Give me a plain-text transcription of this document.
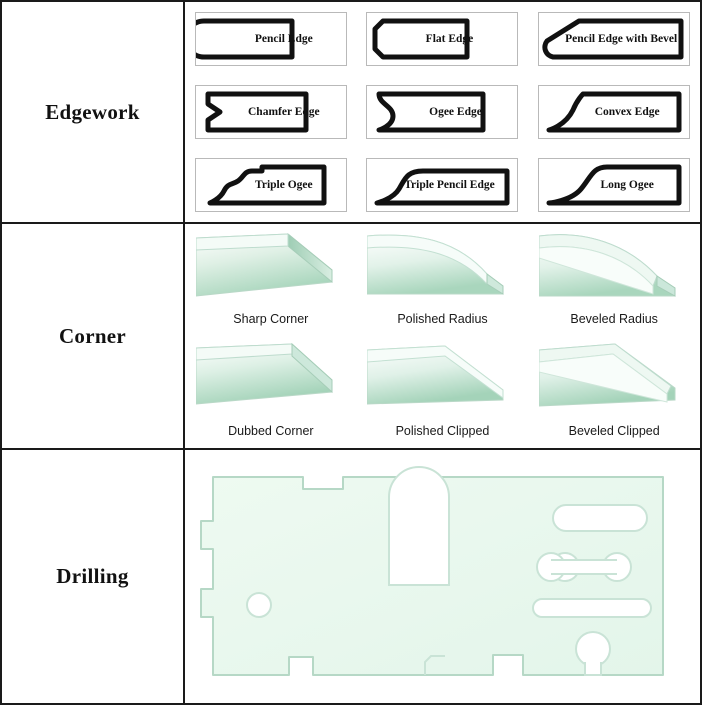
Edgework
Pencil Edge	Flat Edge	Pencil Edge with Bevel
Chamfer Edge	Ogee Edge	Convex Edge
Triple Ogee	Triple Pencil Edge	Long Ogee
Corner
Sharp Corner	Polished Radius	Beveled Radius
Dubbed Corner	Polished Clipped	Beveled Clipped
Drilling
